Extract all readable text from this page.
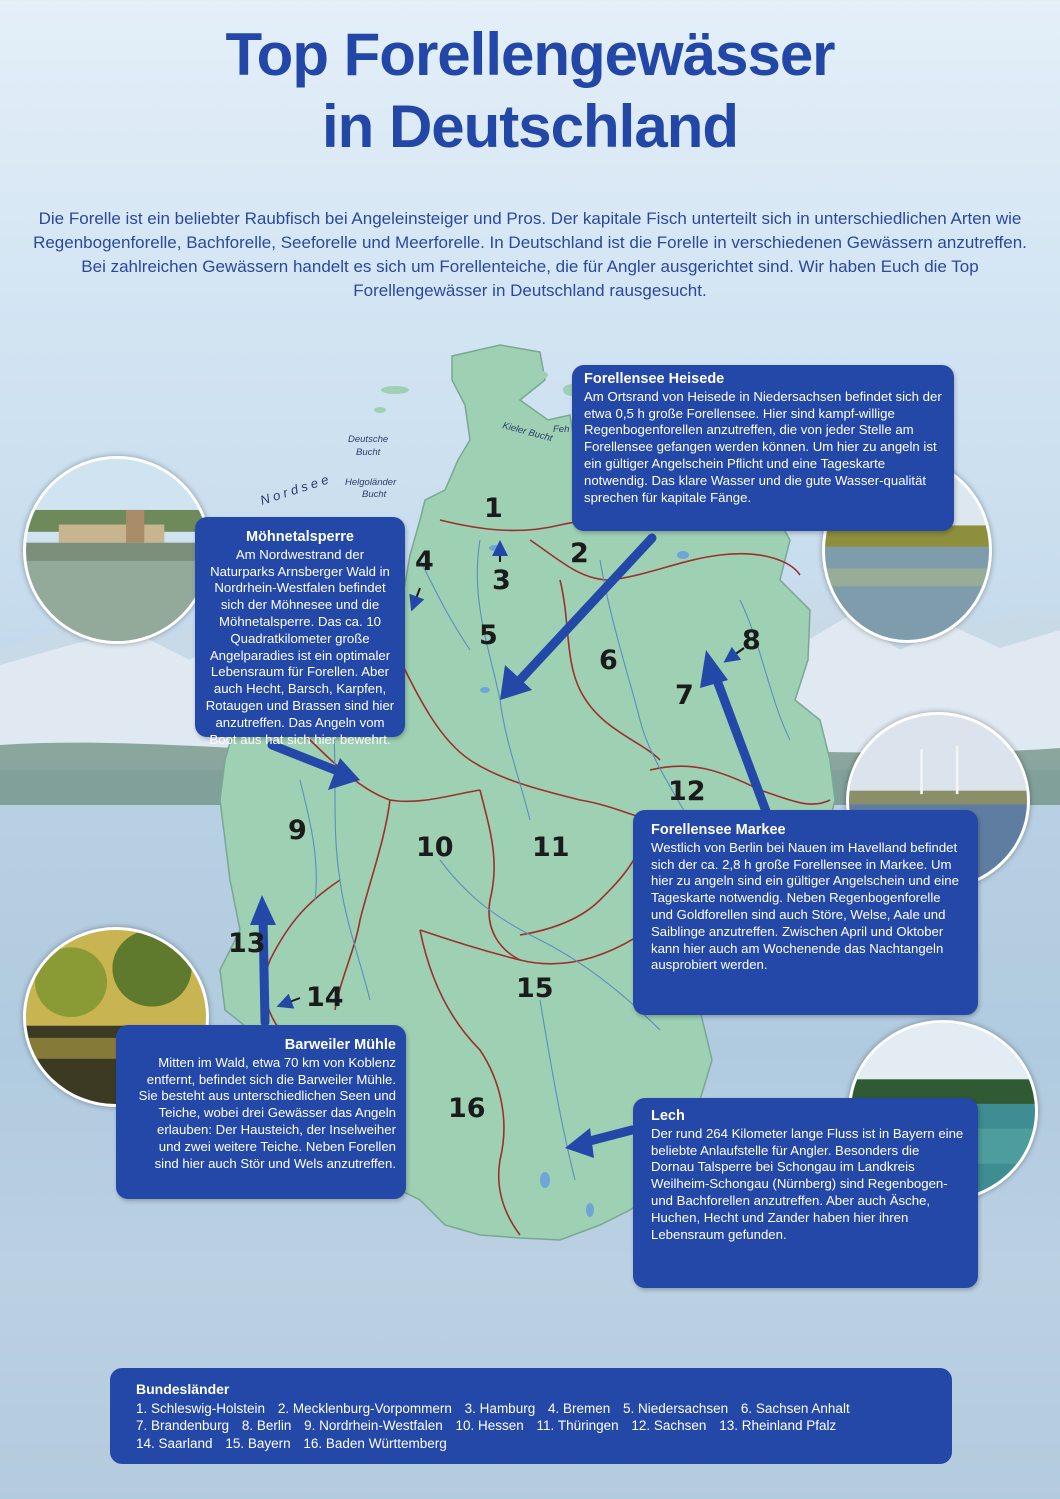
Top Forellengewässer
in Deutschland

Die Forelle ist ein beliebter Raubfisch bei Angeleinsteiger und Pros. Der kapitale Fisch unterteilt sich in unterschiedlichen Arten wie Regenbogenforelle, Bachforelle, Seeforelle und Meerforelle. In Deutschland ist die Forelle in verschiedenen Gewässern anzutreffen. Bei zahlreichen Gewässern handelt es sich um Forellenteiche, die für Angler ausgerichtet sind. Wir haben Euch die Top Forellengewässer in Deutschland rausgesucht.

N o r d s e e
Deutsche
Bucht
Helgoländer
Bucht
Kieler Bucht Feh
1
2
3
4
5
6
7
8
9
10	11
12
13
14	15
16
Forellensee Heisede

Am Ortsrand von Heisede in Niedersachsen befindet sich der etwa 0,5 h große Forellensee. Hier sind kampf-willige Regenbogenforellen anzutreffen, die von jeder Stelle am Forellensee gefangen werden können. Um hier zu angeln ist ein gültiger Angelschein Pflicht und eine Tageskarte notwendig. Das klare Wasser und die gute Wasser-qualität sprechen für kapitale Fänge.

Möhnetalsperre

Am Nordwestrand der Naturparks Arnsberger Wald in Nordrhein-Westfalen befindet sich der Möhnesee und die Möhnetalsperre. Das ca. 10 Quadratkilometer große Angelparadies ist ein optimaler Lebensraum für Forellen. Aber auch Hecht, Barsch, Karpfen, Rotaugen und Brassen sind hier anzutreffen. Das Angeln vom Boot aus hat sich hier bewehrt.

Forellensee Markee

Westlich von Berlin bei Nauen im Havelland befindet sich der ca. 2,8 h große Forellensee in Markee. Um hier zu angeln sind ein gültiger Angelschein und eine Tageskarte notwendig. Neben Regenbogenforelle und Goldforellen sind auch Störe, Welse, Aale und Saiblinge anzutreffen. Zwischen April und Oktober kann hier auch am Wochenende das Nachtangeln ausprobiert werden.

Barweiler Mühle

Mitten im Wald, etwa 70 km von Koblenz entfernt, befindet sich die Barweiler Mühle. Sie besteht aus unterschiedlichen Seen und Teiche, wobei drei Gewässer das Angeln erlauben: Der Hausteich, der Inselweiher und zwei weitere Teiche. Neben Forellen sind hier auch Stör und Wels anzutreffen.

Lech

Der rund 264 Kilometer lange Fluss ist in Bayern eine beliebte Anlaufstelle für Angler. Besonders die Dornau Talsperre bei Schongau im Landkreis Weilheim-Schongau (Nürnberg) sind Regenbogen- und Bachforellen anzutreffen. Aber auch Äsche, Huchen, Hecht und Zander haben hier ihren Lebensraum gefunden.

Bundesländer
1. Schleswig-Holstein 2. Mecklenburg-Vorpommern 3. Hamburg 4. Bremen 5. Niedersachsen 6. Sachsen Anhalt
7. Brandenburg 8. Berlin 9. Nordrhein-Westfalen 10. Hessen 11. Thüringen 12. Sachsen 13. Rheinland Pfalz
14. Saarland 15. Bayern 16. Baden Württemberg
